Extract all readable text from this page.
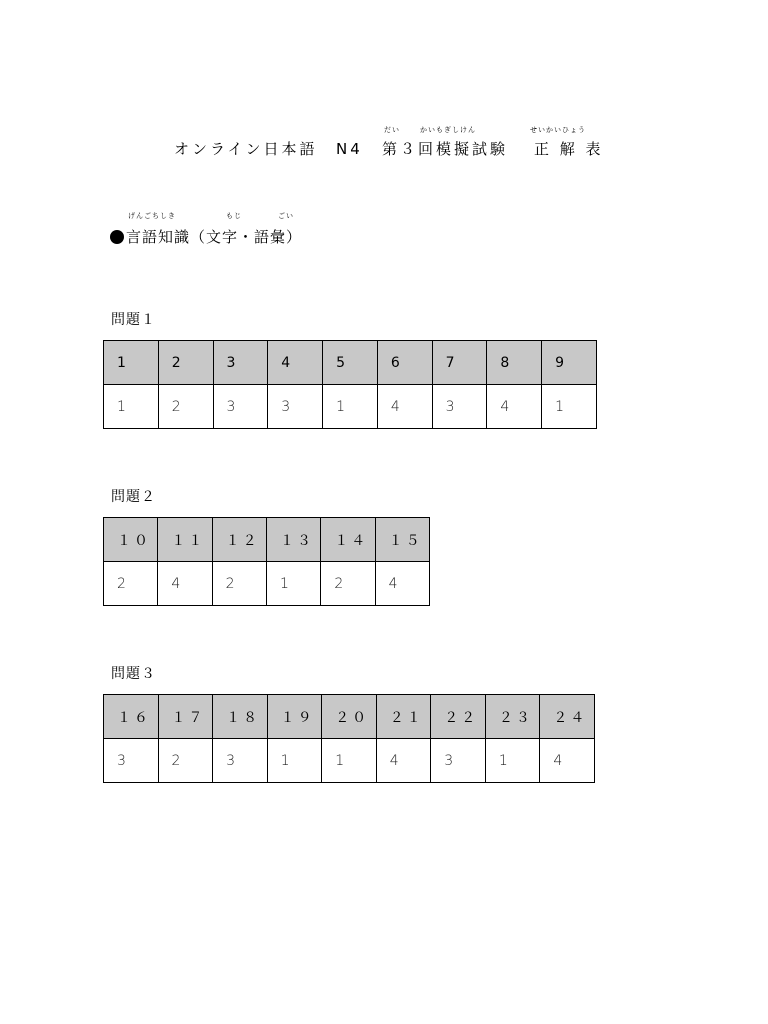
だい	かいもぎしけん	せいかいひょう
オンライン日本語 N4 第３回模擬試験 正 解 表
げんごちしき	もじ	ごい
言語知識（文字・語彙）
問題１
1	2	3	4	5	6	7	8	9
1	2	3	3	1	4	3	4	1
問題２
１０	１１	１２	１３	１４	１５
2	4	2	1	2	4
問題３
１６	１７	１８	１９	２０	２１	２２	２３	２４
3	2	3	1	1	4	3	1	4
